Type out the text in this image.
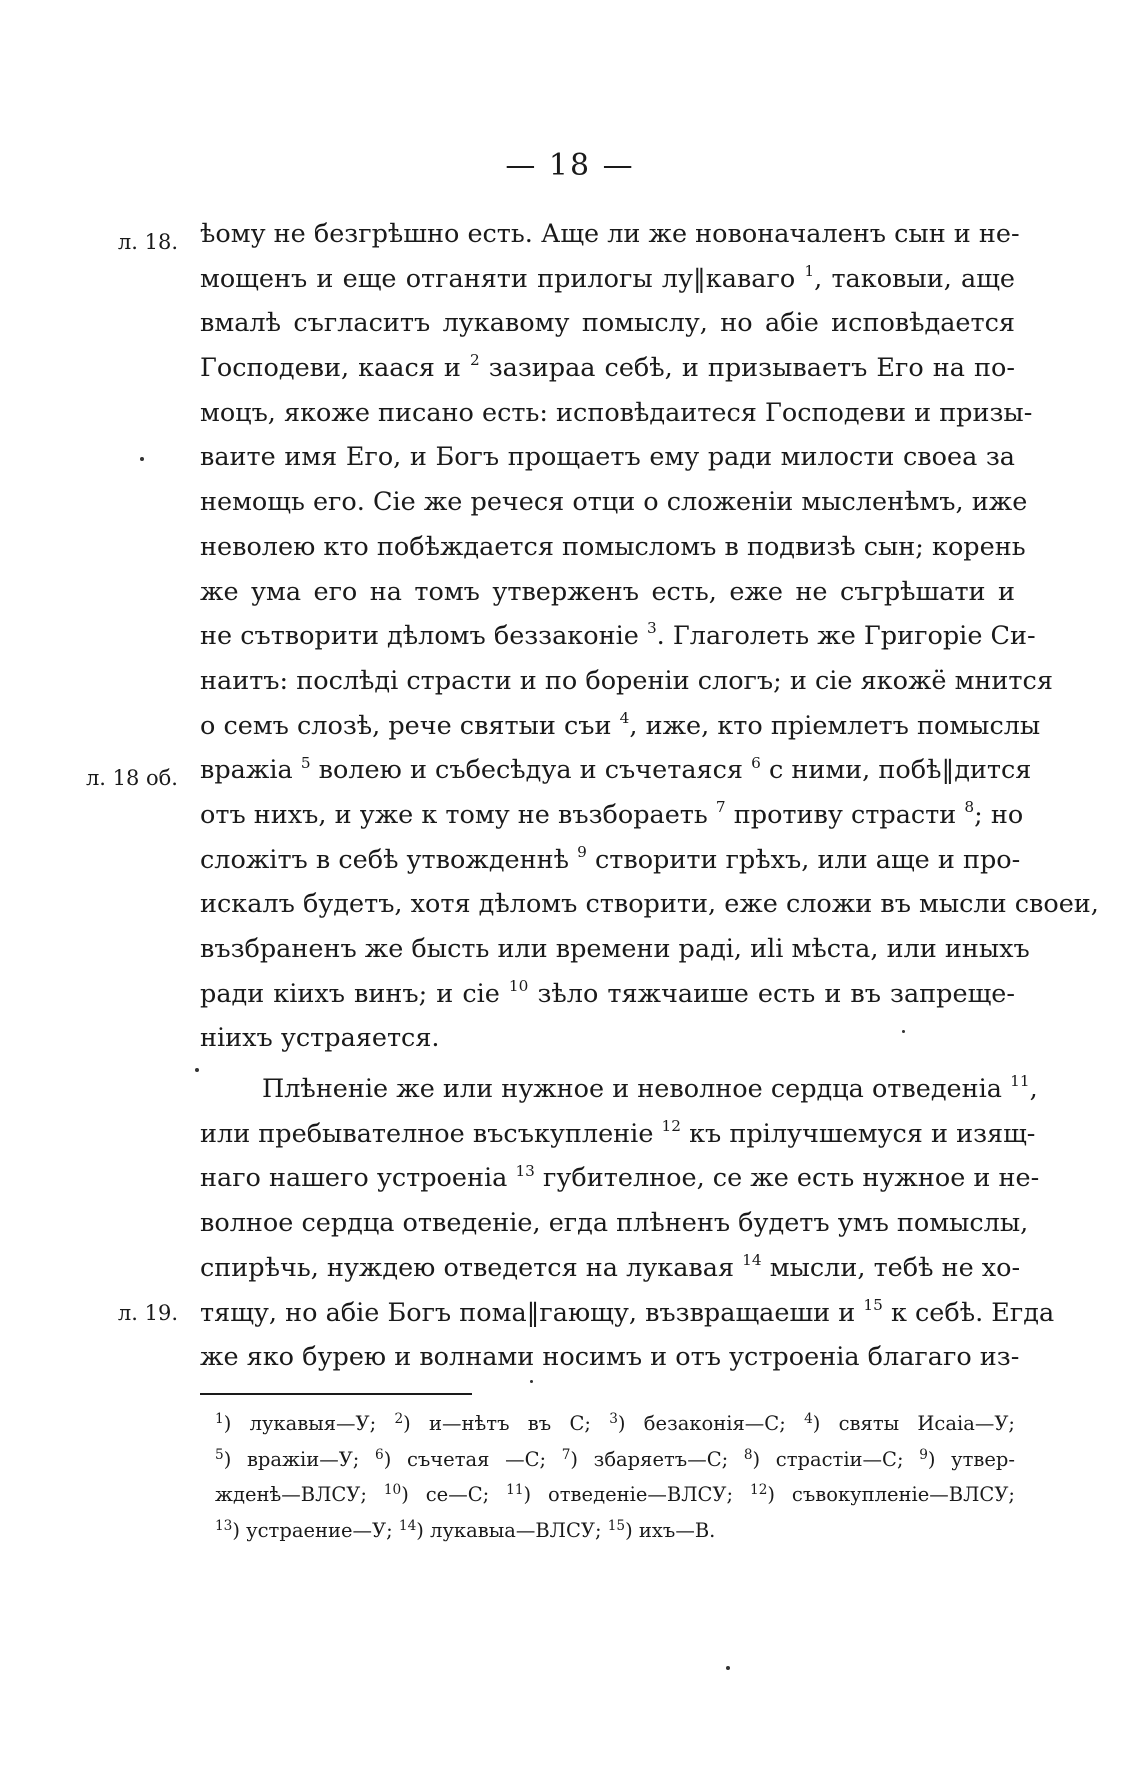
— 18 —
л. 18.
л. 18 об.
л. 19.
ѣому не безгрѣшно есть. Аще ли же новоначаленъ сын и не-
мощенъ и еще отганяти прилогы лу‖каваго $^1$, таковыи, аще
вмалѣ съгласитъ лукавому помыслу, но абіе исповѣдается
Господеви, каася и $^2$ зазираа себѣ, и призываетъ Его на по-
моцъ, якоже писано есть: исповѣдаитеся Господеви и призы-
ваите имя Его, и Богъ прощаетъ ему ради милости своеа за
немощь его. Сіе же речеся отци о сложеніи мысленѣмъ, иже
неволею кто побѣждается помысломъ в подвизѣ сын; корень
же ума его на томъ утверженъ есть, еже не съгрѣшати и
не сътворити дѣломъ беззаконіе $^3$. Глаголеть же Григоріе Си-
наитъ: послѣді страсти и по бореніи слогъ; и сіе якожё мнится
о семъ слозѣ, рече святыи съи $^4$, иже, кто пріемлетъ помыслы
вражіа $^5$ волею и събесѣдуа и съчетаяся $^6$ с ними, побѣ‖дится
отъ нихъ, и уже к тому не възбораеть $^7$ противу страсти $^8$; но
сложітъ в себѣ утвожденнѣ $^9$ створити грѣхъ, или аще и про-
искалъ будетъ, хотя дѣломъ створити, еже сложи въ мысли своеи,
възбраненъ же бысть или времени раді, иlі мѣста, или иныхъ
ради кіихъ винъ; и сіе $^{10}$ зѣло тяжчаише есть и въ запреще-
ніихъ устраяется.
Плѣненіе же или нужное и неволное сердца отведеніа $^{11}$,
или пребывателное въсъкупленіе $^{12}$ къ прілучшемуся и изящ-
наго нашего устроеніа $^{13}$ губителное, се же есть нужное и не-
волное сердца отведеніе, егда плѣненъ будетъ умъ помыслы,
спирѣчь, нуждею отведется на лукавая $^{14}$ мысли, тебѣ не хо-
тящу, но абіе Богъ пома‖гающу, възвращаеши и $^{15}$ к себѣ. Егда
же яко бурею и волнами носимъ и отъ устроеніа благаго из-
$^1$) лукавыя—У; $^2$) и—нѣтъ въ С; $^3$) безаконія—С; $^4$) святы Исаіа—У;
$^5$) вражіи—У; $^6$) съчетая —С; $^7$) збаряетъ—С; $^8$) страстіи—С; $^9$) утвер-
жденѣ—ВЛСУ; $^{10}$) се—С; $^{11}$) отведеніе—ВЛСУ; $^{12}$) съвокупленіе—ВЛСУ;
$^{13}$) устраение—У; $^{14}$) лукавыа—ВЛСУ; $^{15}$) ихъ—В.
